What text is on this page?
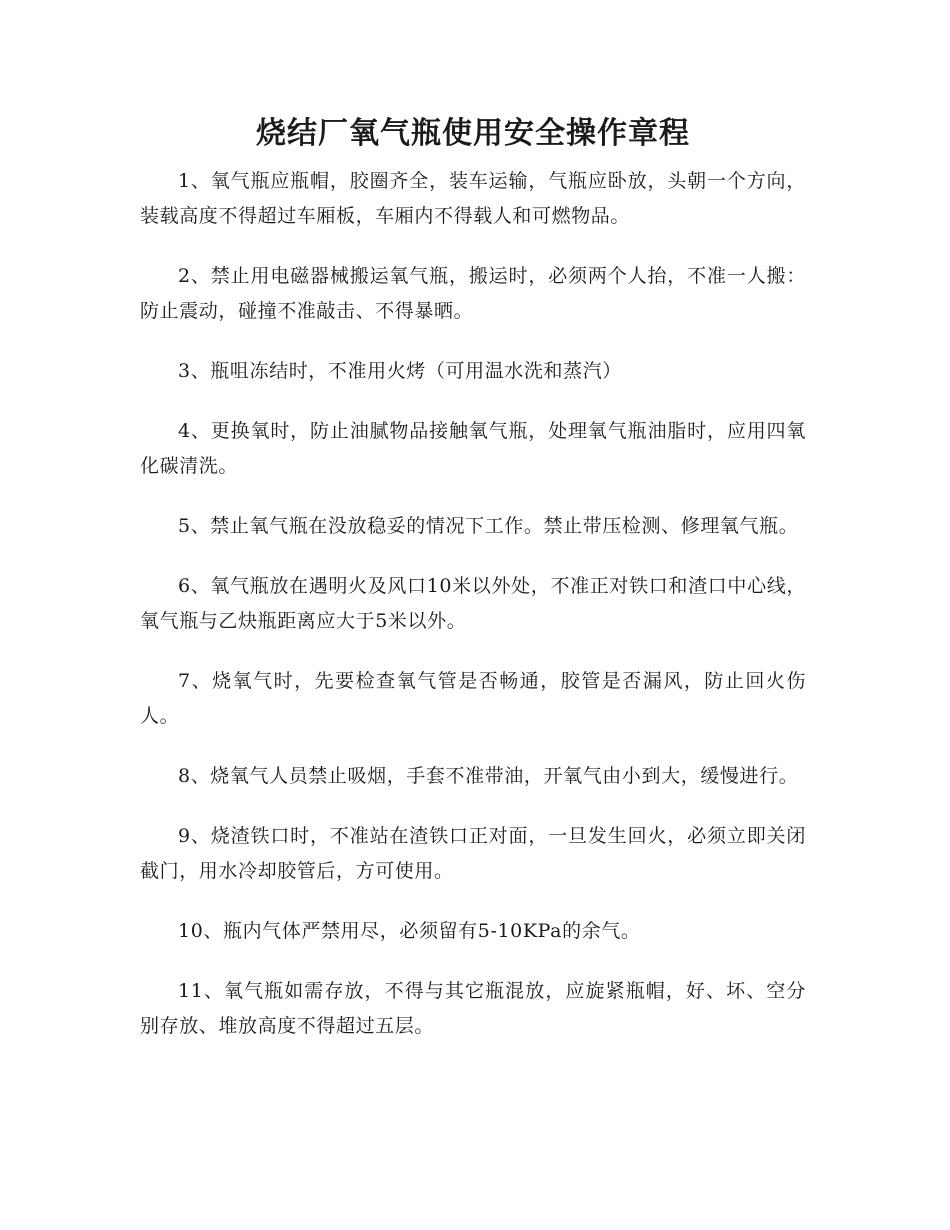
烧结厂氧气瓶使用安全操作章程

1、氧气瓶应瓶帽，胶圈齐全，装车运输，气瓶应卧放，头朝一个方向，装载高度不得超过车厢板，车厢内不得载人和可燃物品。

2、禁止用电磁器械搬运氧气瓶，搬运时，必须两个人抬，不准一人搬：防止震动，碰撞不准敲击、不得暴晒。

3、瓶咀冻结时，不准用火烤（可用温水洗和蒸汽）

4、更换氧时，防止油腻物品接触氧气瓶，处理氧气瓶油脂时，应用四氧化碳清洗。

5、禁止氧气瓶在没放稳妥的情况下工作。禁止带压检测、修理氧气瓶。

6、氧气瓶放在遇明火及风口10米以外处，不准正对铁口和渣口中心线，氧气瓶与乙炔瓶距离应大于5米以外。

7、烧氧气时，先要检查氧气管是否畅通，胶管是否漏风，防止回火伤人。

8、烧氧气人员禁止吸烟，手套不准带油，开氧气由小到大，缓慢进行。

9、烧渣铁口时，不准站在渣铁口正对面，一旦发生回火，必须立即关闭截门，用水冷却胶管后，方可使用。

10、瓶内气体严禁用尽，必须留有5-10KPa的余气。

11、氧气瓶如需存放，不得与其它瓶混放，应旋紧瓶帽，好、坏、空分别存放、堆放高度不得超过五层。
